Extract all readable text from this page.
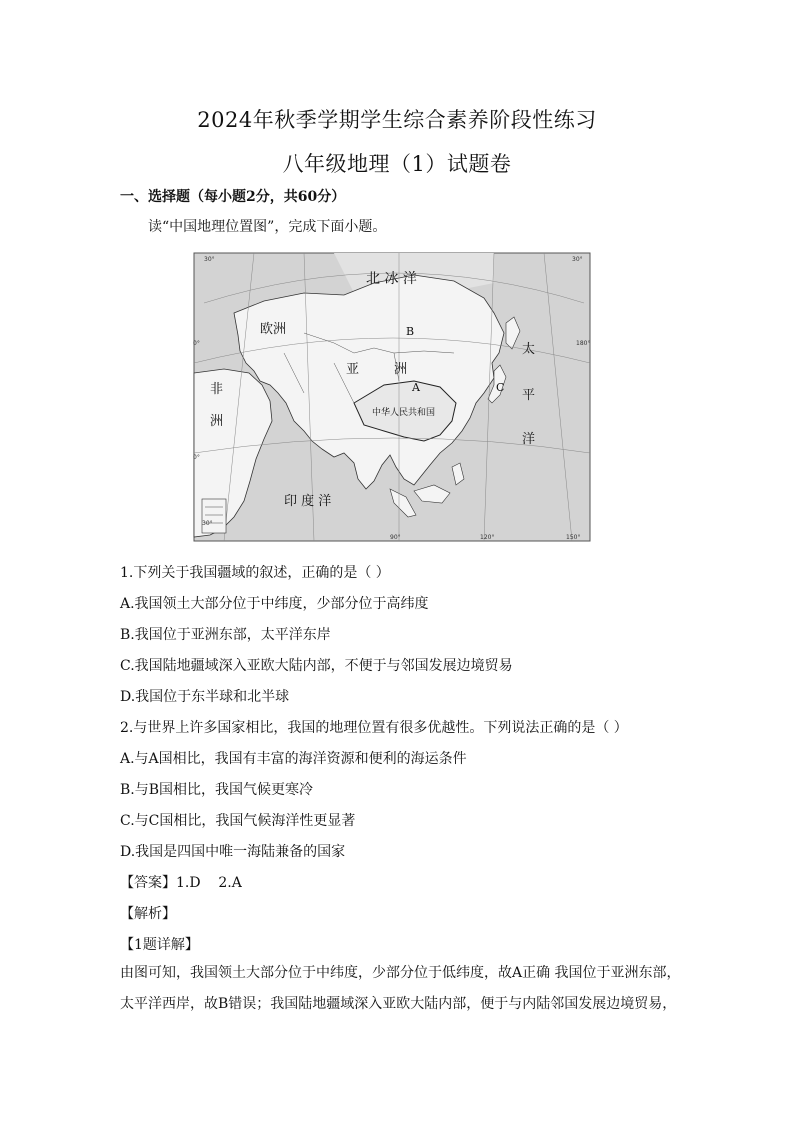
2024年秋季学期学生综合素养阶段性练习
八年级地理（1）试题卷
一、选择题（每小题2分，共60分）
读“中国地理位置图”，完成下面小题。
北 冰 洋
欧洲
亚	洲
非
洲
太
平
洋
印 度 洋
中华人民共和国
A
B
C
30°	30°
0°	180°
0°
30°
90°	120°	150°
1.下列关于我国疆域的叙述，正确的是（ ）
A.我国领土大部分位于中纬度，少部分位于高纬度
B.我国位于亚洲东部，太平洋东岸
C.我国陆地疆域深入亚欧大陆内部，不便于与邻国发展边境贸易
D.我国位于东半球和北半球
2.与世界上许多国家相比，我国的地理位置有很多优越性。下列说法正确的是（ ）
A.与A国相比，我国有丰富的海洋资源和便利的海运条件
B.与B国相比，我国气候更寒冷
C.与C国相比，我国气候海洋性更显著
D.我国是四国中唯一海陆兼备的国家
【答案】1.D    2.A
【解析】
【1题详解】
由图可知，我国领土大部分位于中纬度，少部分位于低纬度，故A正确 我国位于亚洲东部，太平洋西岸，故B错误；我国陆地疆域深入亚欧大陆内部，便于与内陆邻国发展边境贸易，
